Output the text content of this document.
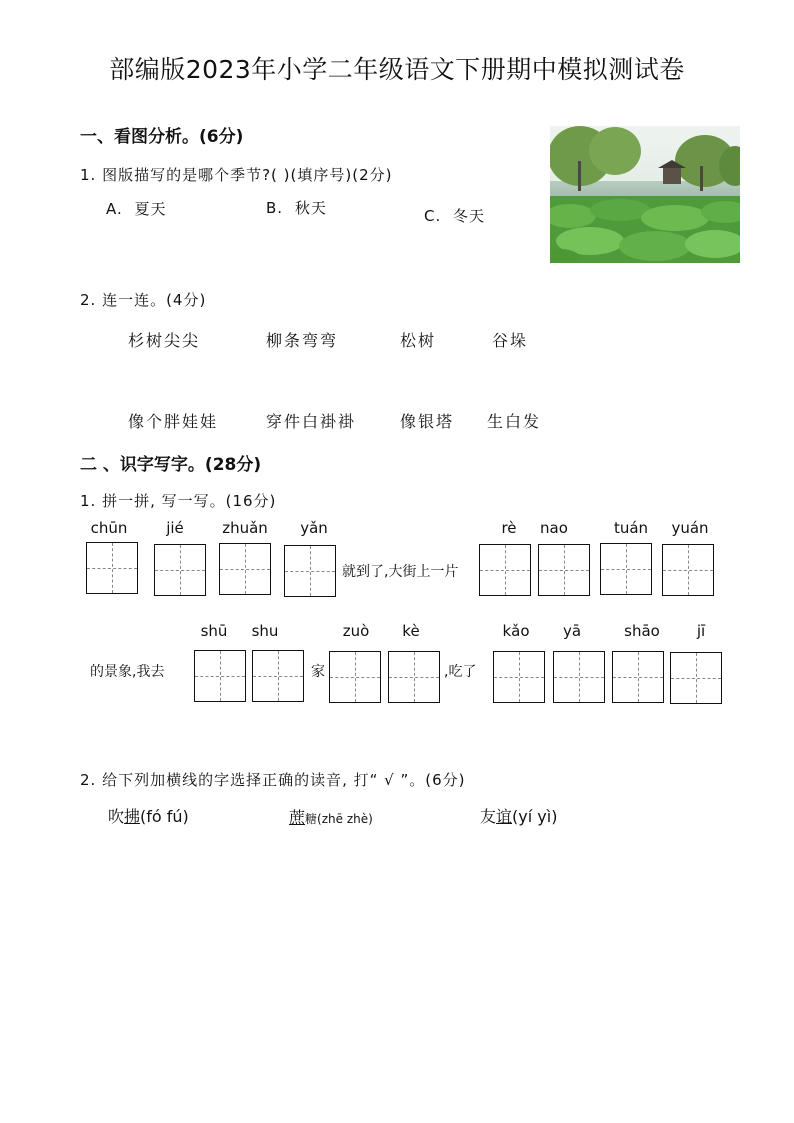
部编版2023年小学二年级语文下册期中模拟测试卷
一、看图分析。(6分)
1. 图版描写的是哪个季节?( )(填序号)(2分)
A. 夏天	B. 秋天	C. 冬天
2. 连一连。(4分)
杉树尖尖	柳条弯弯	松树	谷垛
像个胖娃娃	穿件白褂褂	像银塔 生白发
二 、识字写字。(28分)
1. 拼一拼, 写一写。(16分)
chūn	jié	zhuǎn	yǎn	rè	nao	tuán	yuán
就到了,大街上一片
shū	shu	zuò	kè	kǎo	yā	shāo	jī
的景象,我去	家	,吃了
2. 给下列加横线的字选择正确的读音, 打“ √ ”。(6分)
吹拂(fó fú)	蔗糖(zhē zhè)	友谊(yí yì)
